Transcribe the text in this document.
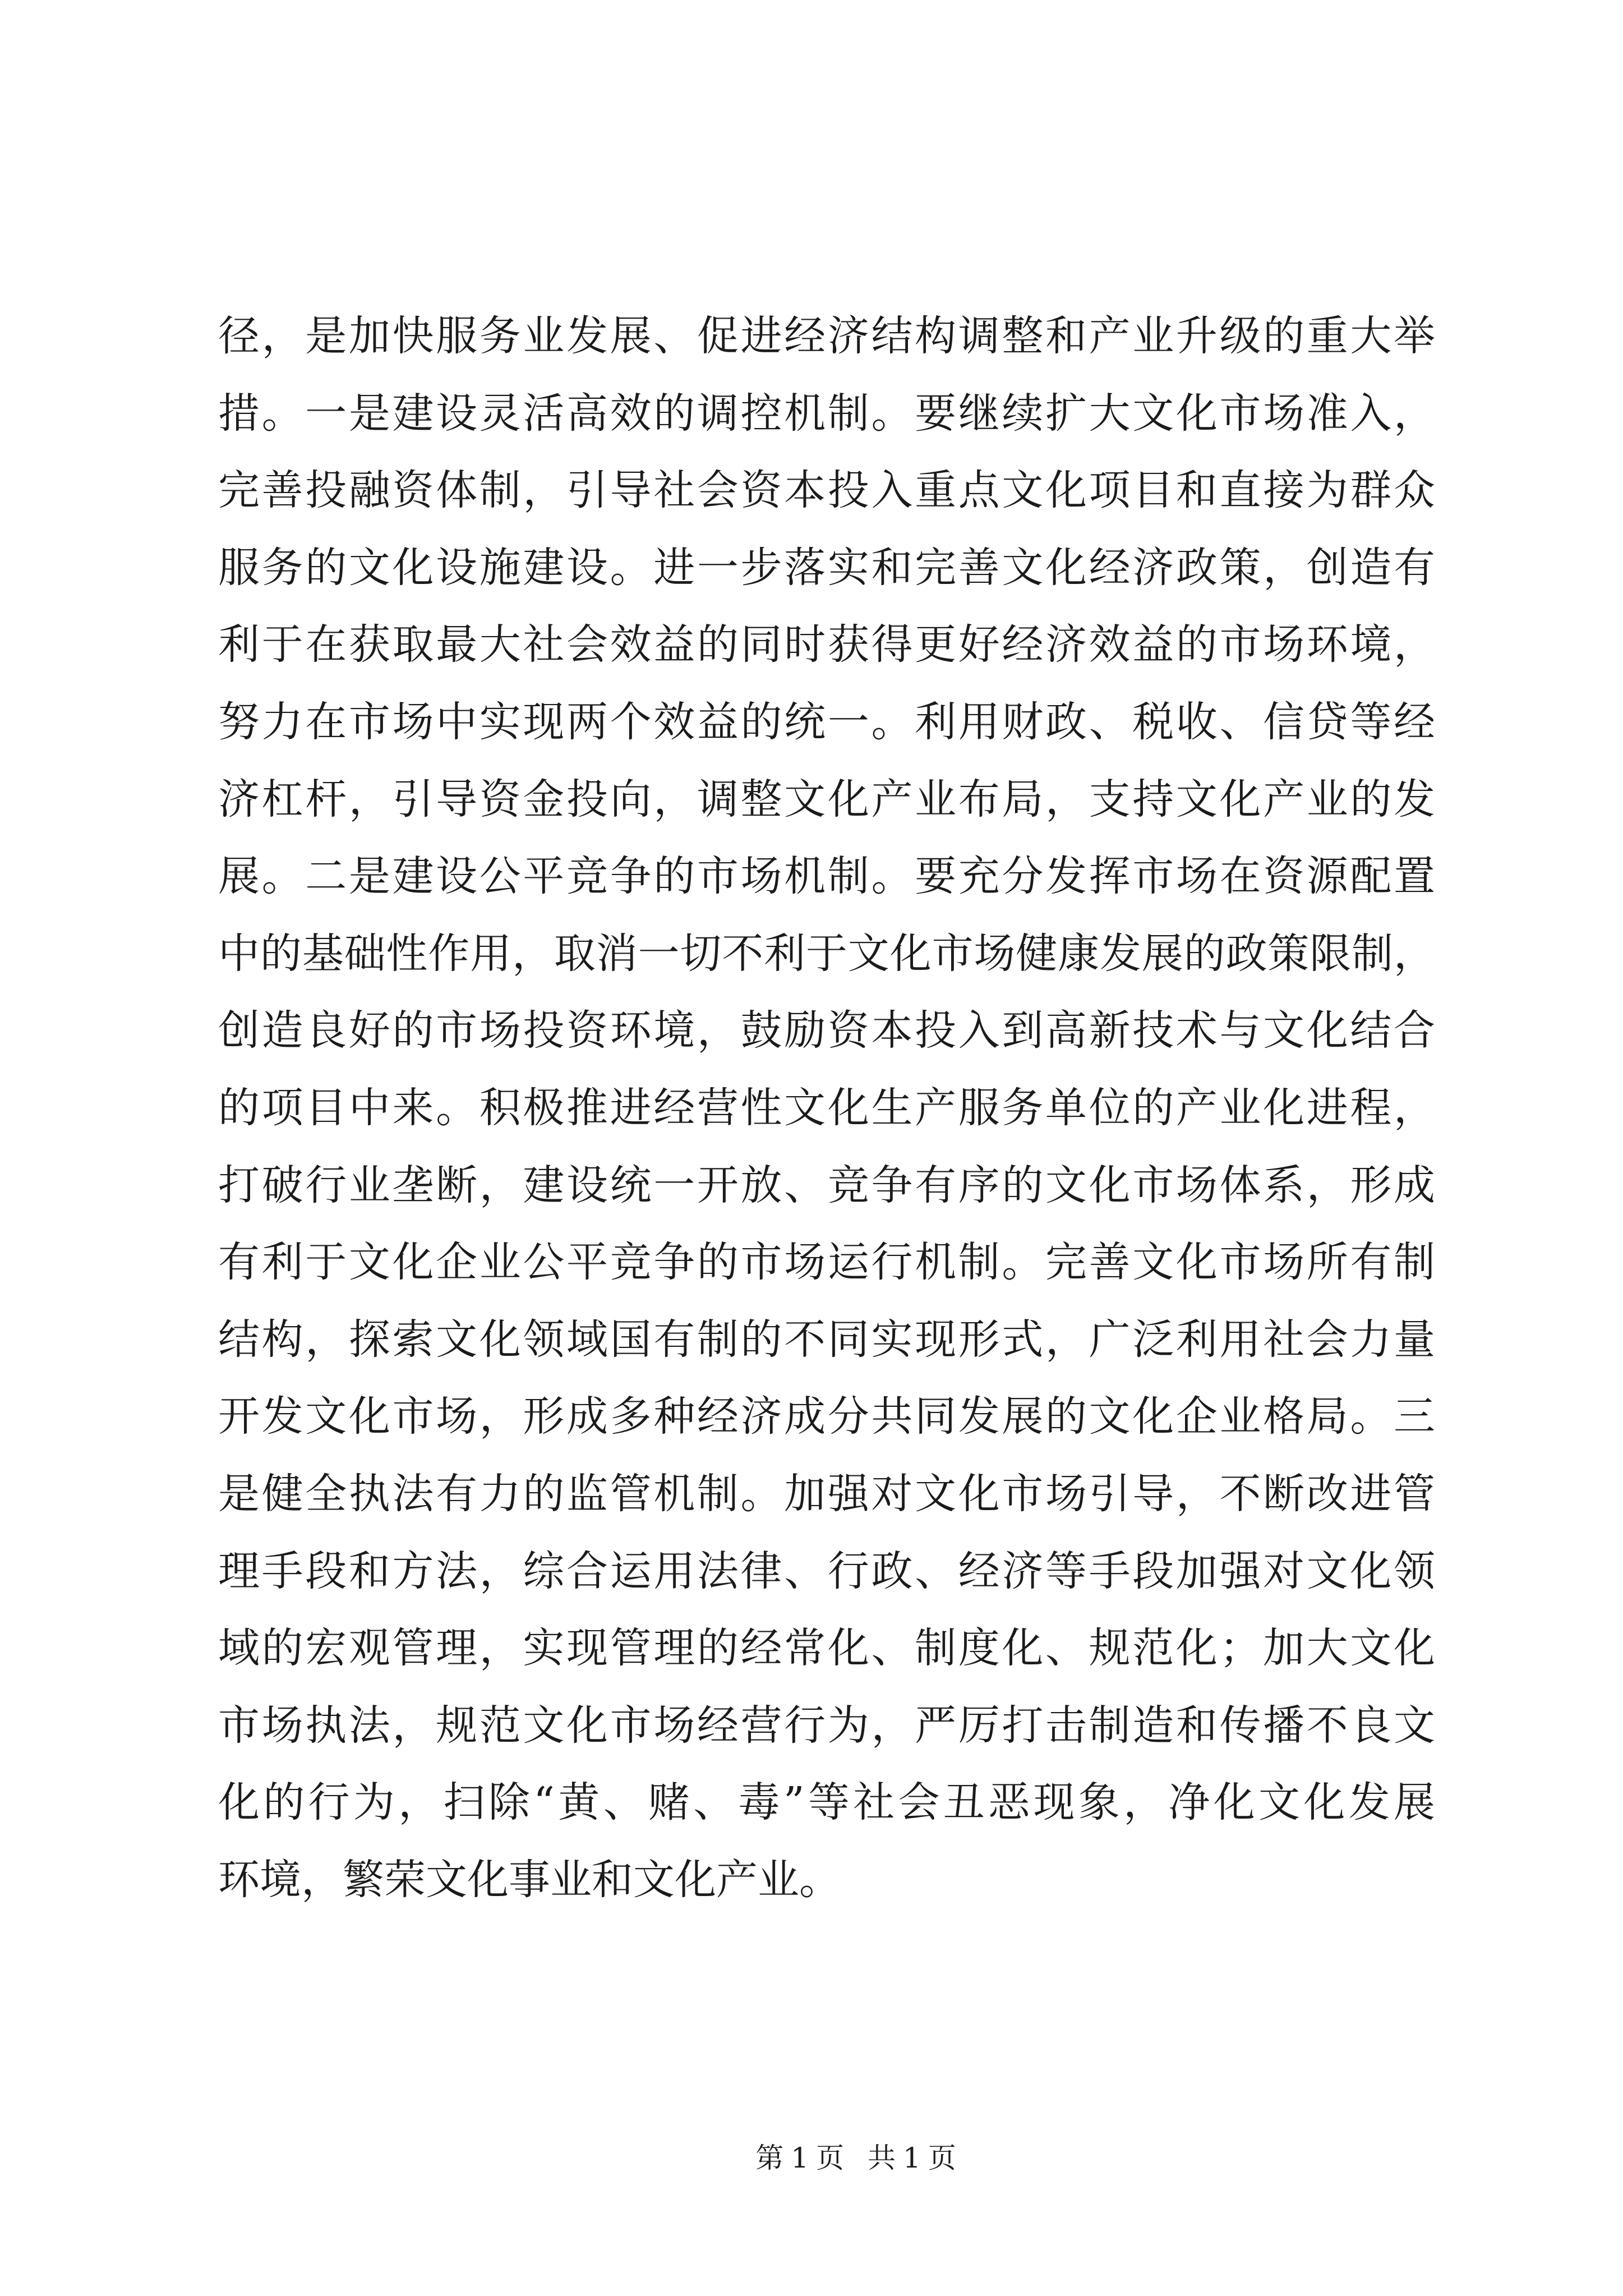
径，是加快服务业发展、促进经济结构调整和产业升级的重大举
措。一是建设灵活高效的调控机制。要继续扩大文化市场准入，
完善投融资体制，引导社会资本投入重点文化项目和直接为群众
服务的文化设施建设。进一步落实和完善文化经济政策，创造有
利于在获取最大社会效益的同时获得更好经济效益的市场环境，
努力在市场中实现两个效益的统一。利用财政、税收、信贷等经
济杠杆，引导资金投向，调整文化产业布局，支持文化产业的发
展。二是建设公平竞争的市场机制。要充分发挥市场在资源配置
中的基础性作用，取消一切不利于文化市场健康发展的政策限制，
创造良好的市场投资环境，鼓励资本投入到高新技术与文化结合
的项目中来。积极推进经营性文化生产服务单位的产业化进程，
打破行业垄断，建设统一开放、竞争有序的文化市场体系，形成
有利于文化企业公平竞争的市场运行机制。完善文化市场所有制
结构，探索文化领域国有制的不同实现形式，广泛利用社会力量
开发文化市场，形成多种经济成分共同发展的文化企业格局。三
是健全执法有力的监管机制。加强对文化市场引导，不断改进管
理手段和方法，综合运用法律、行政、经济等手段加强对文化领
域的宏观管理，实现管理的经常化、制度化、规范化；加大文化
市场执法，规范文化市场经营行为，严厉打击制造和传播不良文
化的行为，扫除“黄、赌、毒”等社会丑恶现象，净化文化发展
环境，繁荣文化事业和文化产业。
第1页 共1页
